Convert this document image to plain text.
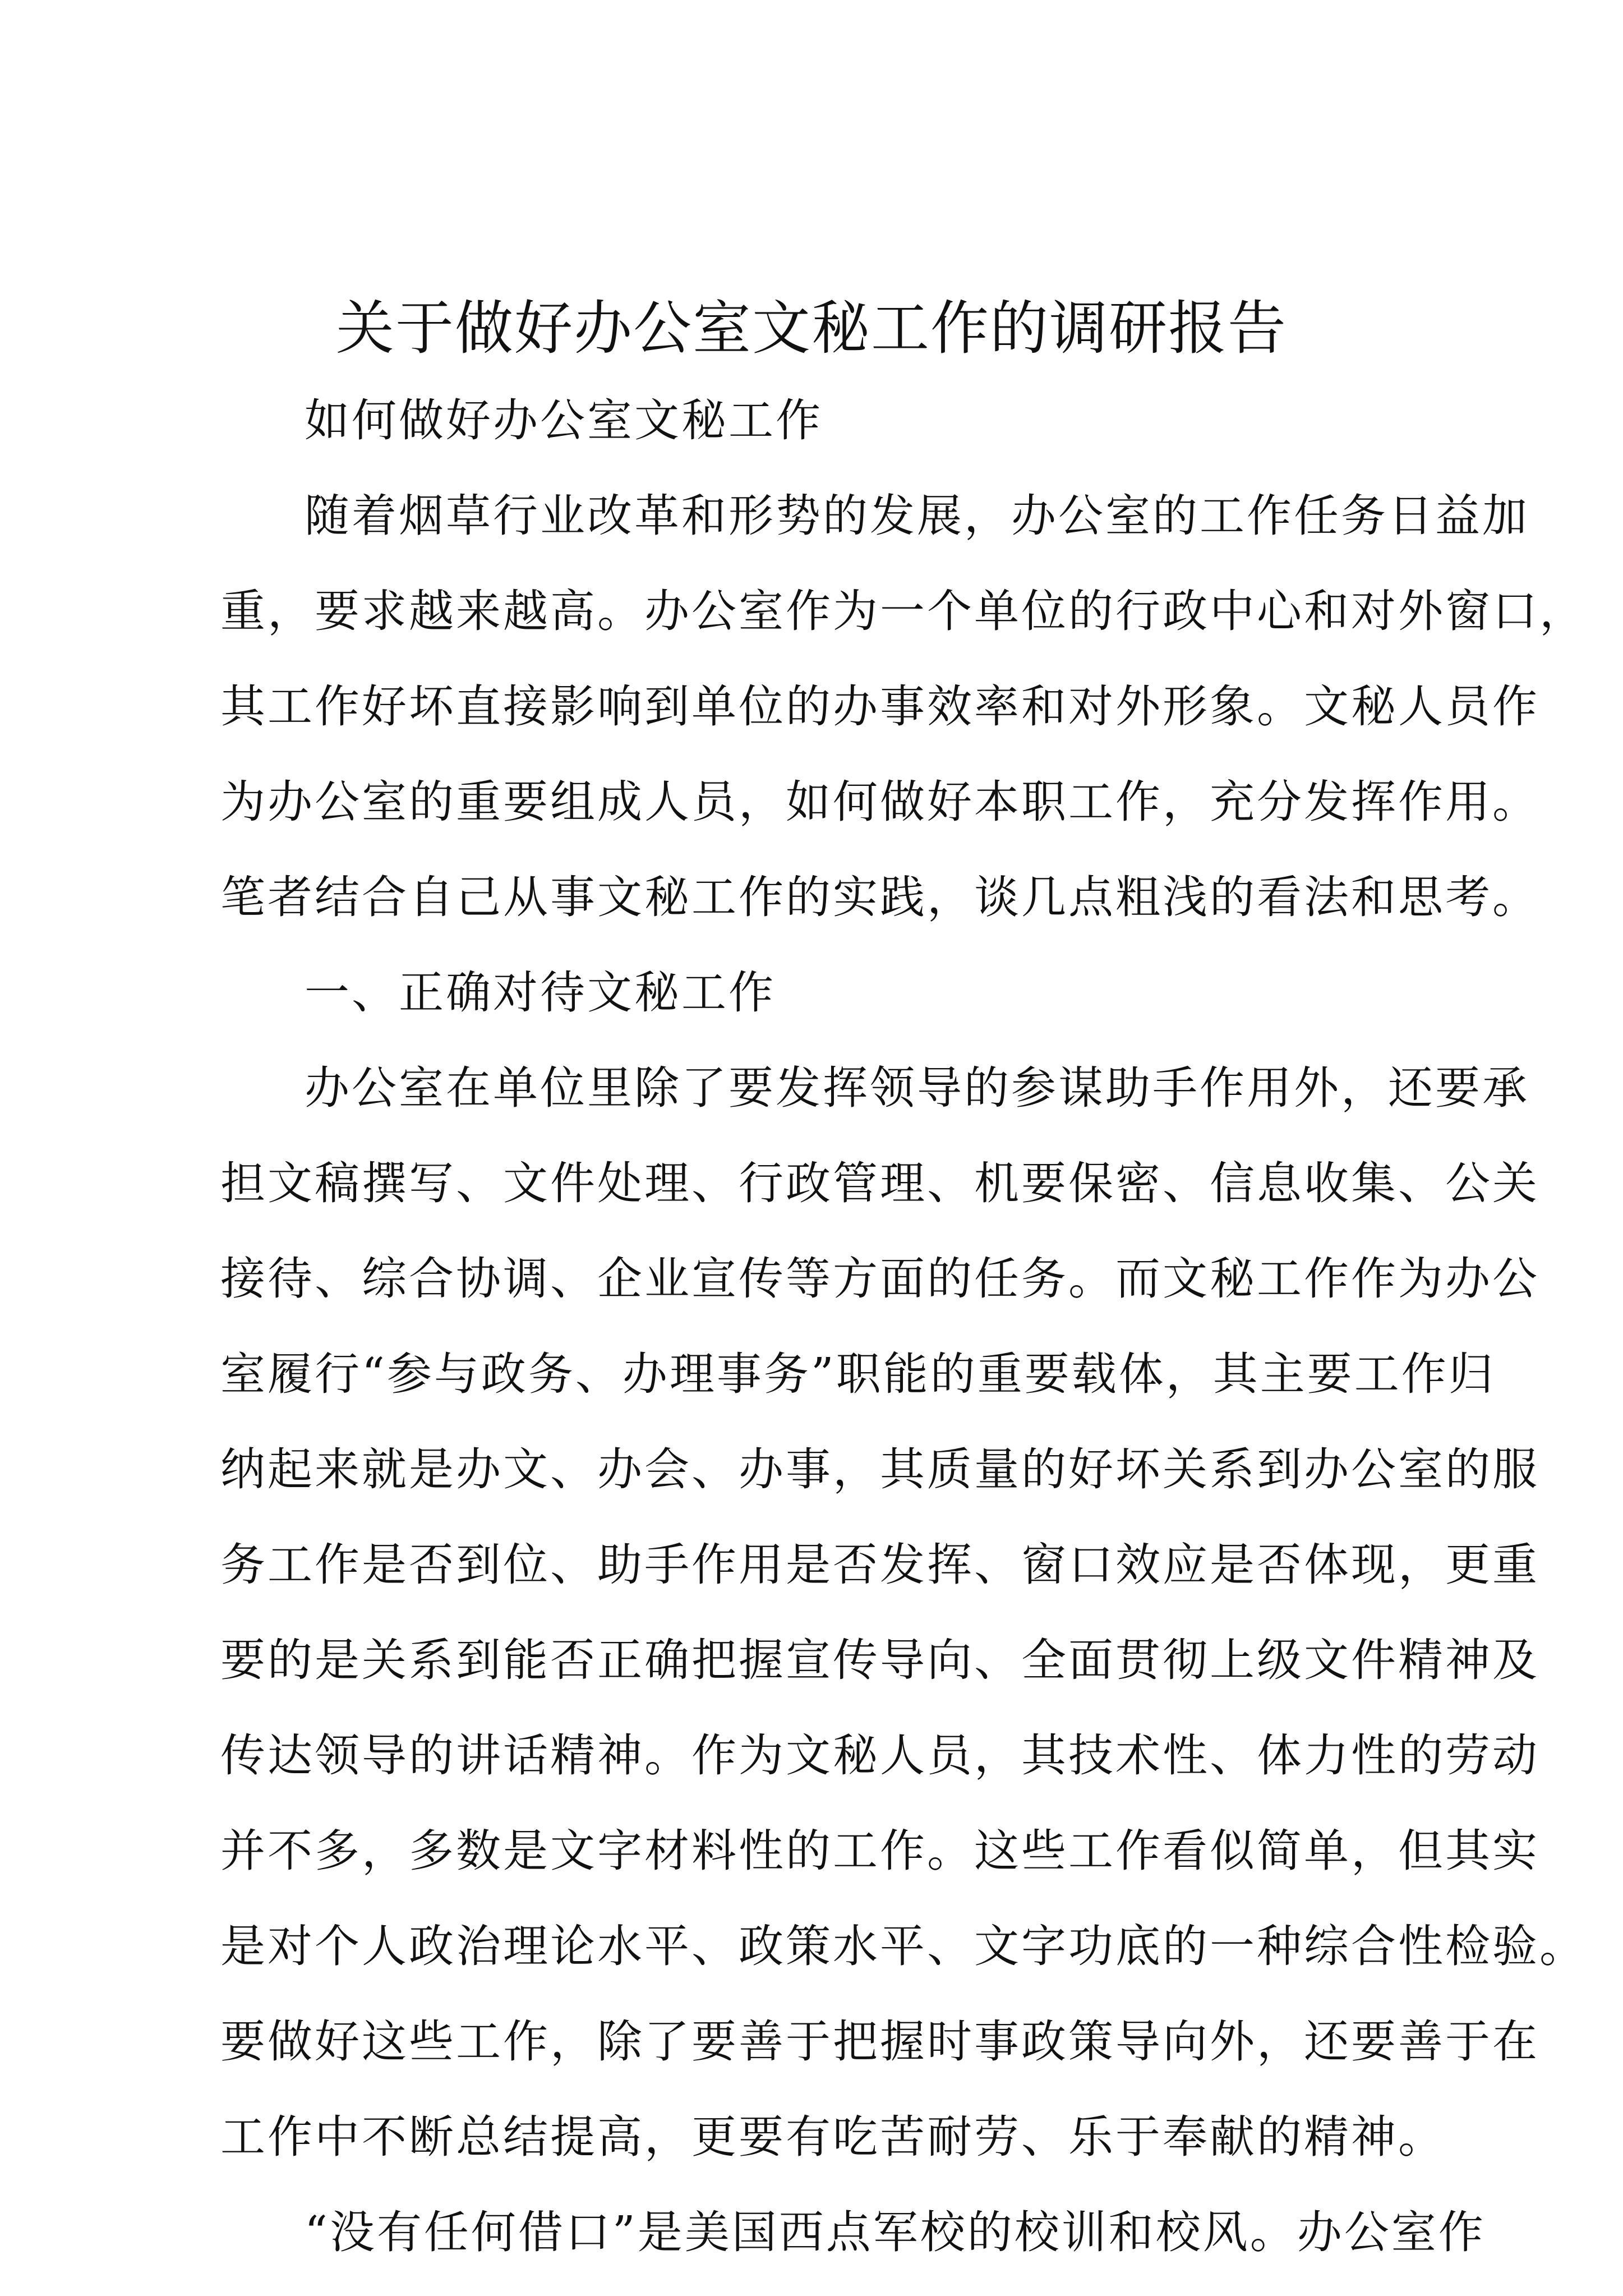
关于做好办公室文秘工作的调研报告

如何做好办公室文秘工作

随着烟草行业改革和形势的发展，办公室的工作任务日益加

重，要求越来越高。办公室作为一个单位的行政中心和对外窗口，

其工作好坏直接影响到单位的办事效率和对外形象。文秘人员作

为办公室的重要组成人员，如何做好本职工作，充分发挥作用。

笔者结合自己从事文秘工作的实践，谈几点粗浅的看法和思考。

一、正确对待文秘工作

办公室在单位里除了要发挥领导的参谋助手作用外，还要承

担文稿撰写、文件处理、行政管理、机要保密、信息收集、公关

接待、综合协调、企业宣传等方面的任务。而文秘工作作为办公

室履行“参与政务、办理事务”职能的重要载体，其主要工作归

纳起来就是办文、办会、办事，其质量的好坏关系到办公室的服

务工作是否到位、助手作用是否发挥、窗口效应是否体现，更重

要的是关系到能否正确把握宣传导向、全面贯彻上级文件精神及

传达领导的讲话精神。作为文秘人员，其技术性、体力性的劳动

并不多，多数是文字材料性的工作。这些工作看似简单，但其实

是对个人政治理论水平、政策水平、文字功底的一种综合性检验。

要做好这些工作，除了要善于把握时事政策导向外，还要善于在

工作中不断总结提高，更要有吃苦耐劳、乐于奉献的精神。

“没有任何借口”是美国西点军校的校训和校风。办公室作
